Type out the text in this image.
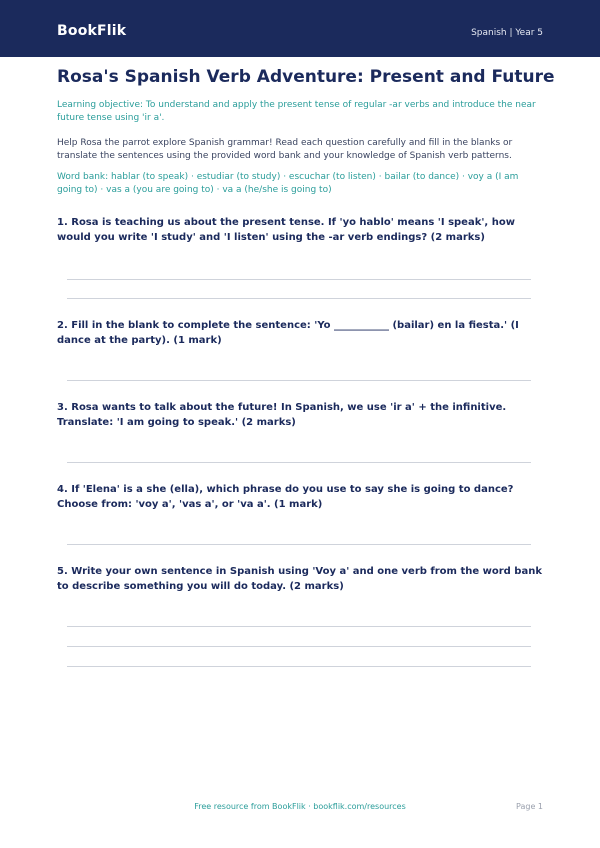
BookFlik	Spanish | Year 5
Rosa's Spanish Verb Adventure: Present and Future
Learning objective: To understand and apply the present tense of regular -ar verbs and introduce the near future tense using 'ir a'.
Help Rosa the parrot explore Spanish grammar! Read each question carefully and fill in the blanks or translate the sentences using the provided word bank and your knowledge of Spanish verb patterns.
Word bank: hablar (to speak) · estudiar (to study) · escuchar (to listen) · bailar (to dance) · voy a (I am going to) · vas a (you are going to) · va a (he/she is going to)
1. Rosa is teaching us about the present tense. If 'yo hablo' means 'I speak', how would you write 'I study' and 'I listen' using the -ar verb endings? (2 marks)
2. Fill in the blank to complete the sentence: 'Yo ___________ (bailar) en la fiesta.' (I dance at the party). (1 mark)
3. Rosa wants to talk about the future! In Spanish, we use 'ir a' + the infinitive. Translate: 'I am going to speak.' (2 marks)
4. If 'Elena' is a she (ella), which phrase do you use to say she is going to dance? Choose from: 'voy a', 'vas a', or 'va a'. (1 mark)
5. Write your own sentence in Spanish using 'Voy a' and one verb from the word bank to describe something you will do today. (2 marks)
Free resource from BookFlik · bookflik.com/resources	Page 1
